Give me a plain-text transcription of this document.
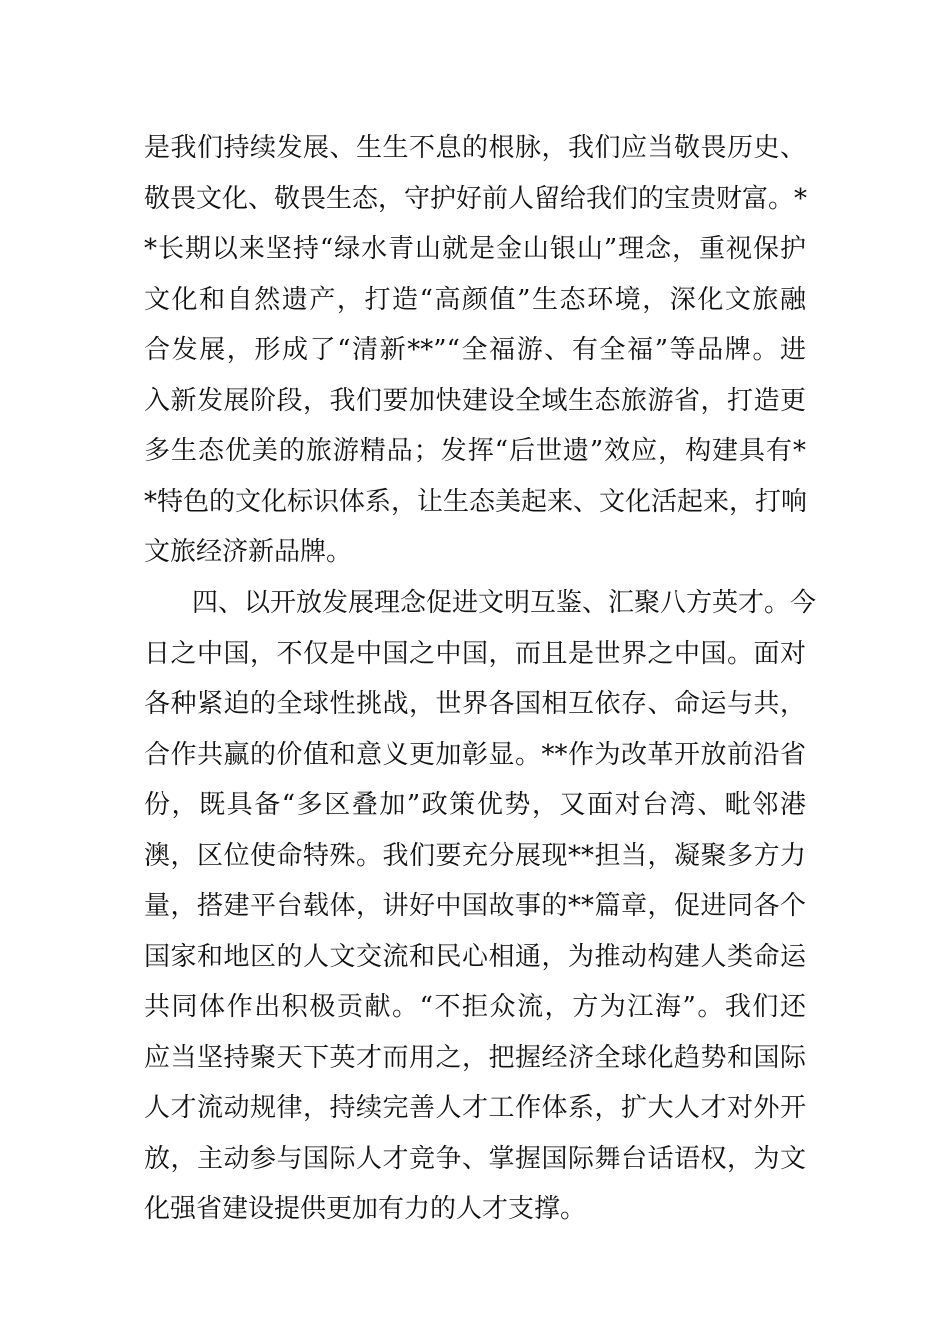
是我们持续发展、生生不息的根脉，我们应当敬畏历史、
敬畏文化、敬畏生态，守护好前人留给我们的宝贵财富。*
*长期以来坚持“绿水青山就是金山银山”理念，重视保护
文化和自然遗产，打造“高颜值”生态环境，深化文旅融
合发展，形成了“清新**”“全福游、有全福”等品牌。进
入新发展阶段，我们要加快建设全域生态旅游省，打造更
多生态优美的旅游精品；发挥“后世遗”效应，构建具有*
*特色的文化标识体系，让生态美起来、文化活起来，打响
文旅经济新品牌。
四、以开放发展理念促进文明互鉴、汇聚八方英才。今
日之中国，不仅是中国之中国，而且是世界之中国。面对
各种紧迫的全球性挑战，世界各国相互依存、命运与共，
合作共赢的价值和意义更加彰显。**作为改革开放前沿省
份，既具备“多区叠加”政策优势，又面对台湾、毗邻港
澳，区位使命特殊。我们要充分展现**担当，凝聚多方力
量，搭建平台载体，讲好中国故事的**篇章，促进同各个
国家和地区的人文交流和民心相通，为推动构建人类命运
共同体作出积极贡献。“不拒众流，方为江海”。我们还
应当坚持聚天下英才而用之，把握经济全球化趋势和国际
人才流动规律，持续完善人才工作体系，扩大人才对外开
放，主动参与国际人才竞争、掌握国际舞台话语权，为文
化强省建设提供更加有力的人才支撑。
